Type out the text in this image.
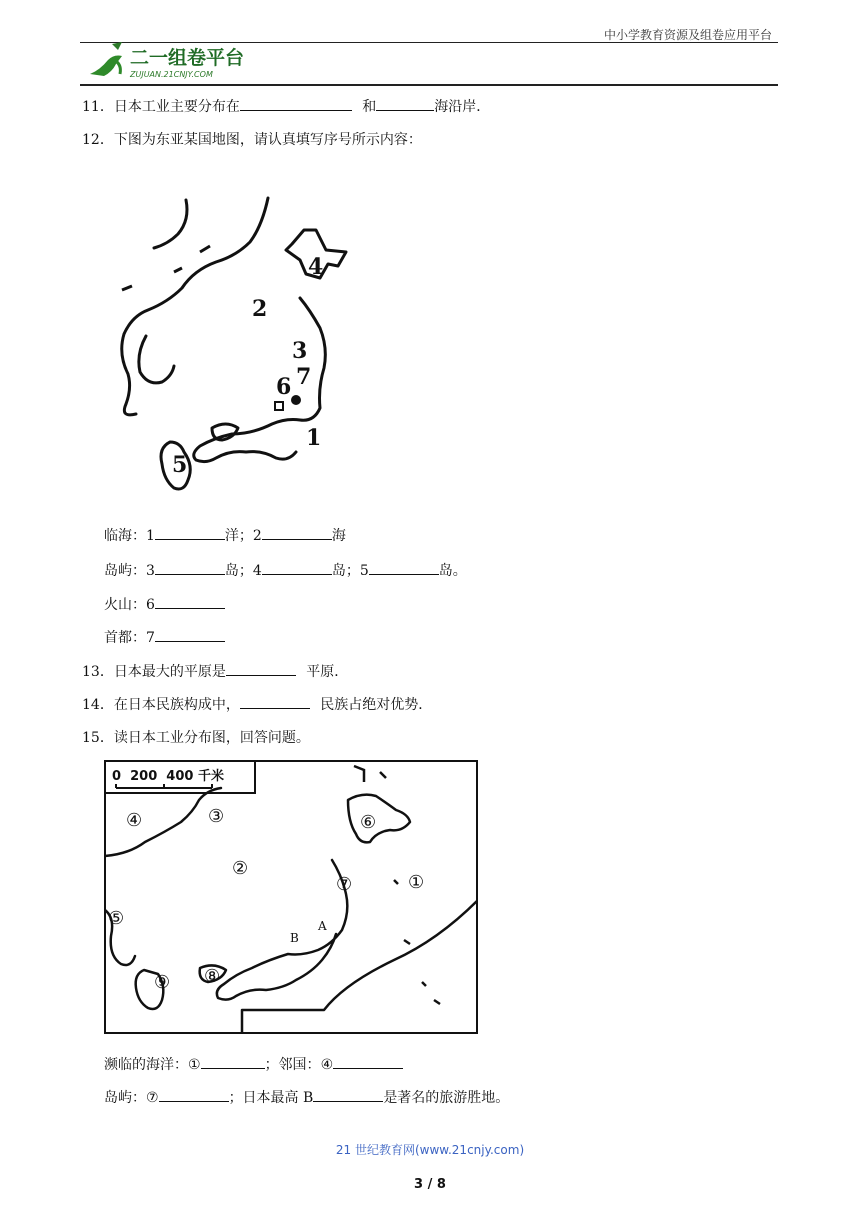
中小学教育资源及组卷应用平台
二一组卷平台
ZUJUAN.21CNJY.COM
11．日本工业主要分布在	和	海沿岸．
12．下图为东亚某国地图，请认真填写序号所示内容：
1
2
3
4
5
6 7
临海：1	洋；2	海
岛屿：3	岛；4	岛；5	岛。
火山：6
首都：7
13．日本最大的平原是	平原．
14．在日本民族构成中，	民族占绝对优势．
15．读日本工业分布图，回答问题。
0  200  400 千米
①
②
③
④
⑤
⑥
⑦
⑧
⑨
A
B
濒临的海洋：①	；邻国：④
岛屿：⑦	；日本最高 B	是著名的旅游胜地。
21 世纪教育网(www.21cnjy.com)
3 / 8
